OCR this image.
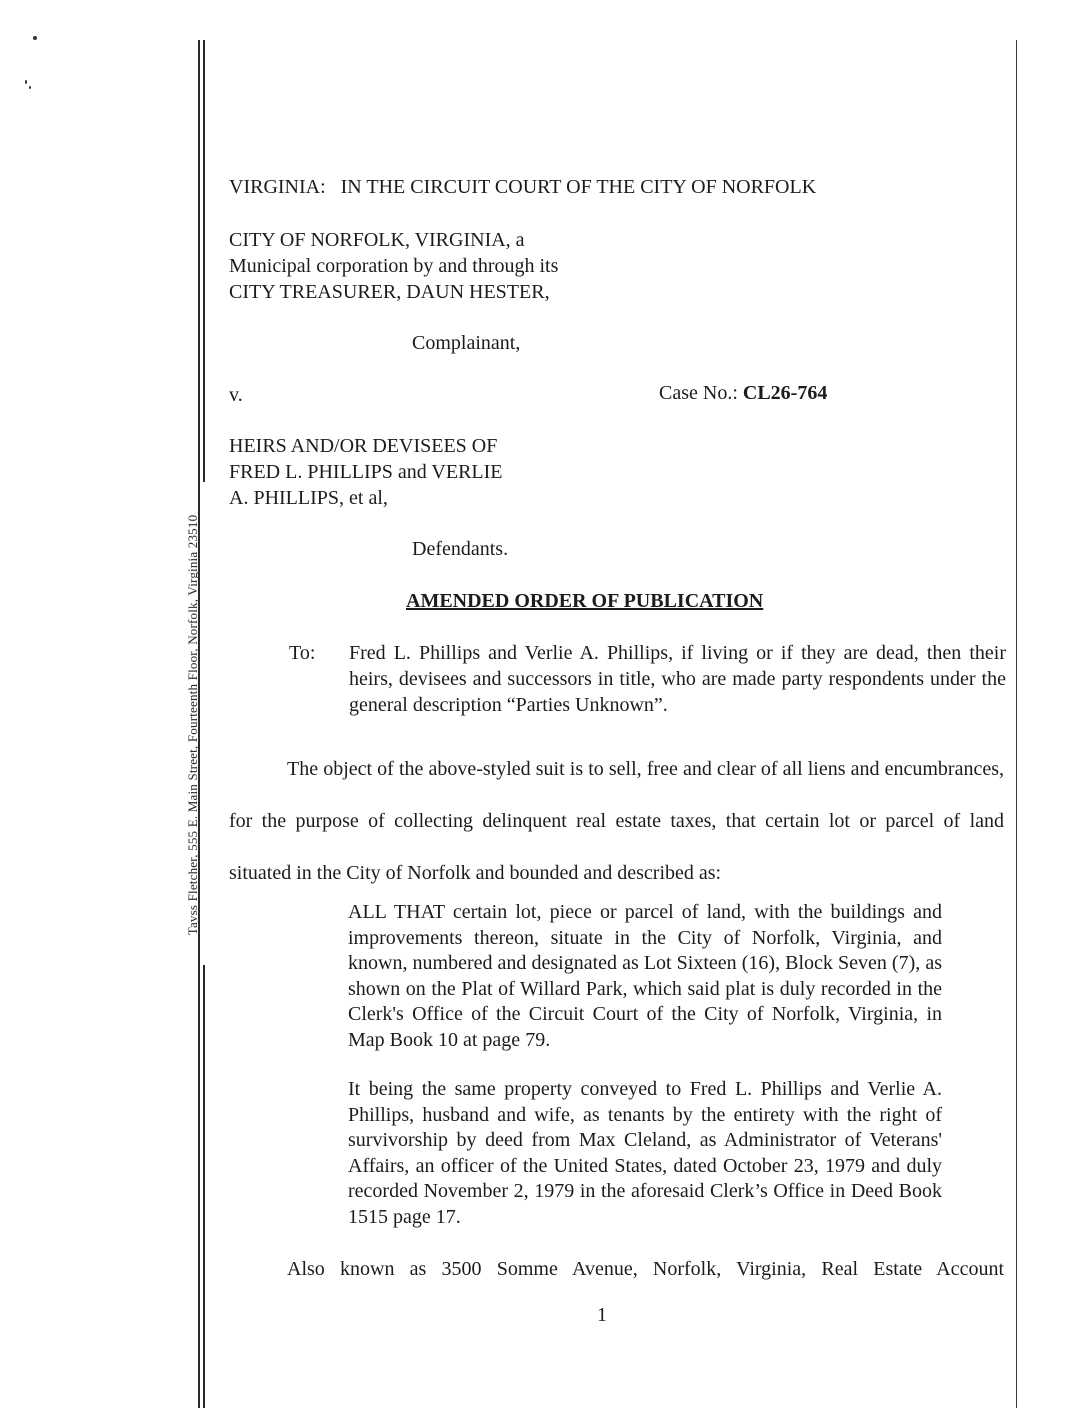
Tavss Fletcher, 555 E. Main Street, Fourteenth Floor, Norfolk, Virginia 23510
VIRGINIA:   IN THE CIRCUIT COURT OF THE CITY OF NORFOLK
CITY OF NORFOLK, VIRGINIA, a
Municipal corporation by and through its
CITY TREASURER, DAUN HESTER,
Complainant,
v.	Case No.: CL26-764
HEIRS AND/OR DEVISEES OF
FRED L. PHILLIPS and VERLIE
A. PHILLIPS, et al,
Defendants.
AMENDED ORDER OF PUBLICATION
To: Fred L. Phillips and Verlie A. Phillips, if living or if they are dead, then their heirs, devisees and successors in title, who are made party respondents under the general description “Parties Unknown”.
The object of the above-styled suit is to sell, free and clear of all liens and encumbrances, for the purpose of collecting delinquent real estate taxes, that certain lot or parcel of land situated in the City of Norfolk and bounded and described as:
ALL THAT certain lot, piece or parcel of land, with the buildings and improvements thereon, situate in the City of Norfolk, Virginia, and known, numbered and designated as Lot Sixteen (16), Block Seven (7), as shown on the Plat of Willard Park, which said plat is duly recorded in the Clerk's Office of the Circuit Court of the City of Norfolk, Virginia, in Map Book 10 at page 79.
It being the same property conveyed to Fred L. Phillips and Verlie A. Phillips, husband and wife, as tenants by the entirety with the right of survivorship by deed from Max Cleland, as Administrator of Veterans' Affairs, an officer of the United States, dated October 23, 1979 and duly recorded November 2, 1979 in the aforesaid Clerk’s Office in Deed Book 1515 page 17.
Also known as 3500 Somme Avenue, Norfolk, Virginia, Real Estate Account
1
